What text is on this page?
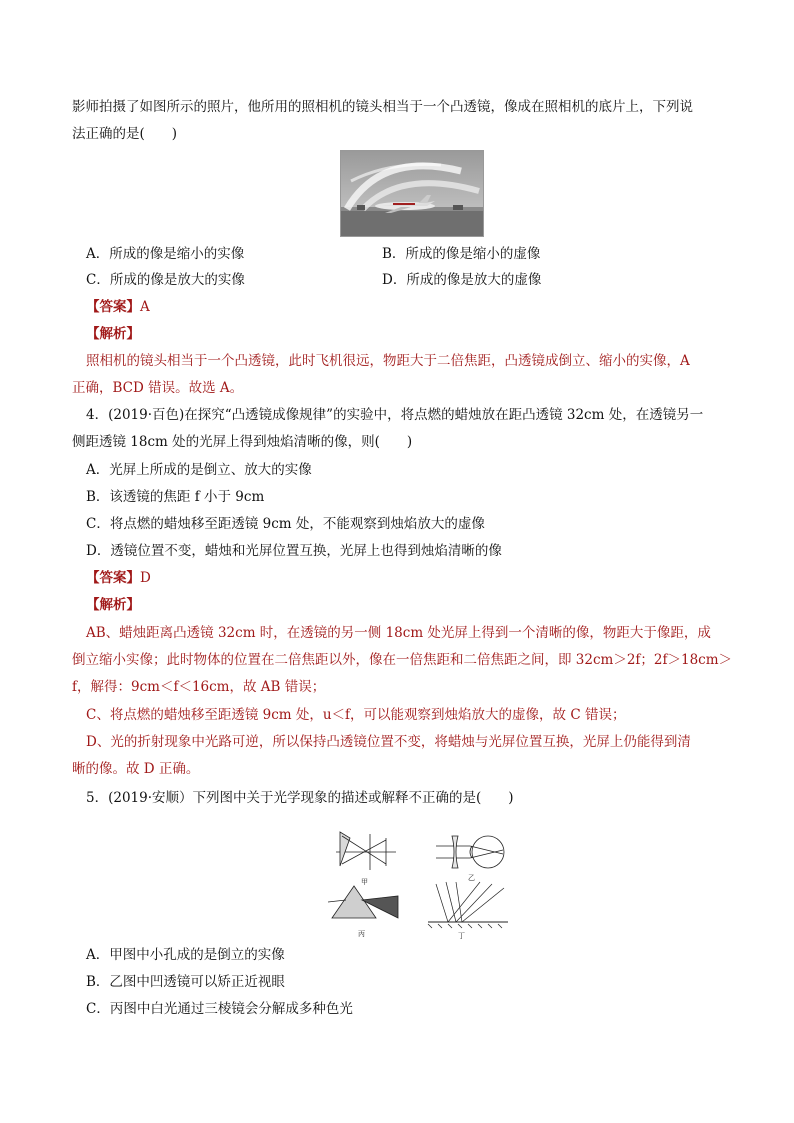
影师拍摄了如图所示的照片，他所用的照相机的镜头相当于一个凸透镜，像成在照相机的底片上，下列说
法正确的是(　　)
A．所成的像是缩小的实像	B．所成的像是缩小的虚像
C．所成的像是放大的实像	D．所成的像是放大的虚像
【答案】A
【解析】
照相机的镜头相当于一个凸透镜，此时飞机很远，物距大于二倍焦距，凸透镜成倒立、缩小的实像，A
正确，BCD 错误。故选 A。
4．(2019·百色)在探究“凸透镜成像规律”的实验中，将点燃的蜡烛放在距凸透镜 32cm 处，在透镜另一
侧距透镜 18cm 处的光屏上得到烛焰清晰的像，则(　　)
A．光屏上所成的是倒立、放大的实像
B．该透镜的焦距 f 小于 9cm
C．将点燃的蜡烛移至距透镜 9cm 处，不能观察到烛焰放大的虚像
D．透镜位置不变，蜡烛和光屏位置互换，光屏上也得到烛焰清晰的像
【答案】D
【解析】
AB、蜡烛距离凸透镜 32cm 时，在透镜的另一侧 18cm 处光屏上得到一个清晰的像，物距大于像距，成
倒立缩小实像；此时物体的位置在二倍焦距以外，像在一倍焦距和二倍焦距之间，即 32cm＞2f；2f＞18cm＞
f，解得：9cm＜f＜16cm，故 AB 错误；
C、将点燃的蜡烛移至距透镜 9cm 处，u＜f，可以能观察到烛焰放大的虚像，故 C 错误；
D、光的折射现象中光路可逆，所以保持凸透镜位置不变，将蜡烛与光屏位置互换，光屏上仍能得到清
晰的像。故 D 正确。
5．(2019·安顺）下列图中关于光学现象的描述或解释不正确的是(　　)
甲	乙
丙	丁
A．甲图中小孔成的是倒立的实像
B．乙图中凹透镜可以矫正近视眼
C．丙图中白光通过三棱镜会分解成多种色光
